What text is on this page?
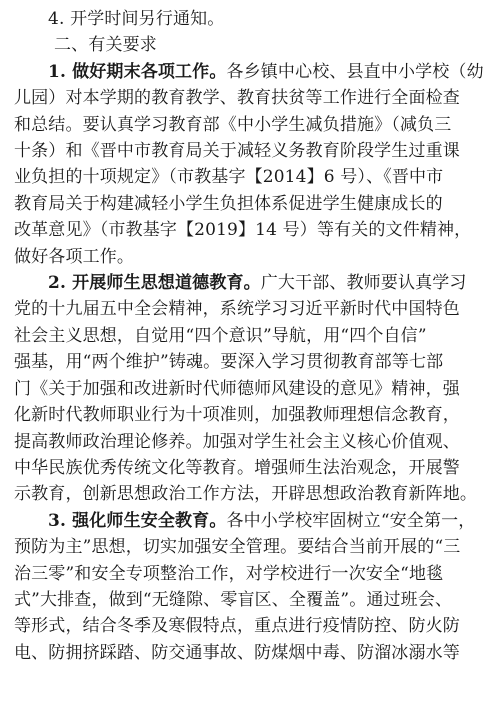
4. 开学时间另行通知。
二、有关要求
1. 做好期末各项工作。各乡镇中心校、县直中小学校（幼
儿园）对本学期的教育教学、教育扶贫等工作进行全面检查
和总结。要认真学习教育部《中小学生减负措施》（减负三
十条）和《晋中市教育局关于减轻义务教育阶段学生过重课
业负担的十项规定》（市教基字【2014】6 号）、《晋中市
教育局关于构建减轻小学生负担体系促进学生健康成长的
改革意见》（市教基字【2019】14 号）等有关的文件精神，
做好各项工作。
2. 开展师生思想道德教育。广大干部、教师要认真学习
党的十九届五中全会精神，系统学习习近平新时代中国特色
社会主义思想，自觉用“四个意识”导航，用“四个自信”
强基，用“两个维护”铸魂。要深入学习贯彻教育部等七部
门《关于加强和改进新时代师德师风建设的意见》精神，强
化新时代教师职业行为十项准则，加强教师理想信念教育，
提高教师政治理论修养。加强对学生社会主义核心价值观、
中华民族优秀传统文化等教育。增强师生法治观念，开展警
示教育，创新思想政治工作方法，开辟思想政治教育新阵地。
3. 强化师生安全教育。各中小学校牢固树立“安全第一，
预防为主”思想，切实加强安全管理。要结合当前开展的“三
治三零”和安全专项整治工作，对学校进行一次安全“地毯
式”大排查，做到“无缝隙、零盲区、全覆盖”。通过班会、
等形式，结合冬季及寒假特点，重点进行疫情防控、防火防
电、防拥挤踩踏、防交通事故、防煤烟中毒、防溜冰溺水等
